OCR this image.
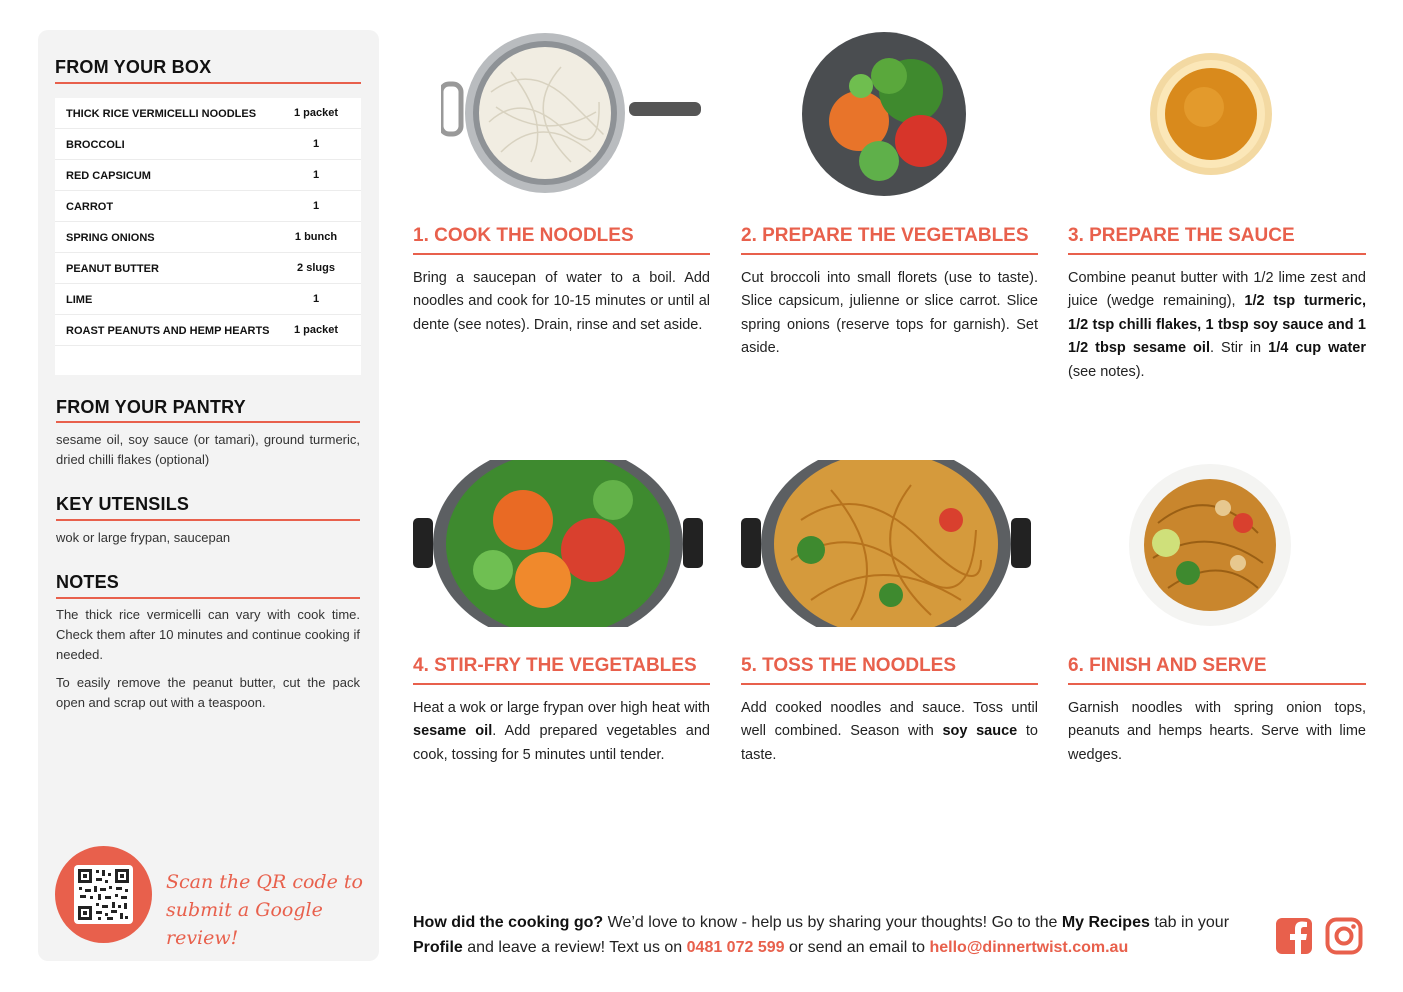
FROM YOUR BOX
THICK RICE VERMICELLI NOODLES	1 packet
BROCCOLI	1
RED CAPSICUM	1
CARROT	1
SPRING ONIONS	1 bunch
PEANUT BUTTER	2 slugs
LIME	1
ROAST PEANUTS AND HEMP HEARTS	1 packet
FROM YOUR PANTRY
sesame oil, soy sauce (or tamari), ground turmeric, dried chilli flakes (optional)
KEY UTENSILS
wok or large frypan, saucepan
NOTES
The thick rice vermicelli can vary with cook time. Check them after 10 minutes and continue cooking if needed.
To easily remove the peanut butter, cut the pack open and scrap out with a teaspoon.
Scan the QR code to
submit a Google review!
1. COOK THE NOODLES	2. PREPARE THE VEGETABLES 3. PREPARE THE SAUCE
4. STIR-FRY THE VEGETABLES 5. TOSS THE NOODLES	6. FINISH AND SERVE
Bring a saucepan of water to a boil. Add noodles and cook for 10-15 minutes or until al dente (see notes). Drain, rinse and set aside.
Cut broccoli into small florets (use to taste). Slice capsicum, julienne or slice carrot. Slice spring onions (reserve tops for garnish). Set aside.
Combine peanut butter with 1/2 lime zest and juice (wedge remaining), 1/2 tsp turmeric, 1/2 tsp chilli flakes, 1 tbsp soy sauce and 1 1/2 tbsp sesame oil. Stir in 1/4 cup water (see notes).
Heat a wok or large frypan over high heat with sesame oil. Add prepared vegetables and cook, tossing for 5 minutes until tender.
Add cooked noodles and sauce. Toss until well combined. Season with soy sauce to taste.
Garnish noodles with spring onion tops, peanuts and hemps hearts. Serve with lime wedges.
How did the cooking go? We’d love to know - help us by sharing your thoughts! Go to the My Recipes tab in your Profile and leave a review! Text us on 0481 072 599 or send an email to hello@dinnertwist.com.au
